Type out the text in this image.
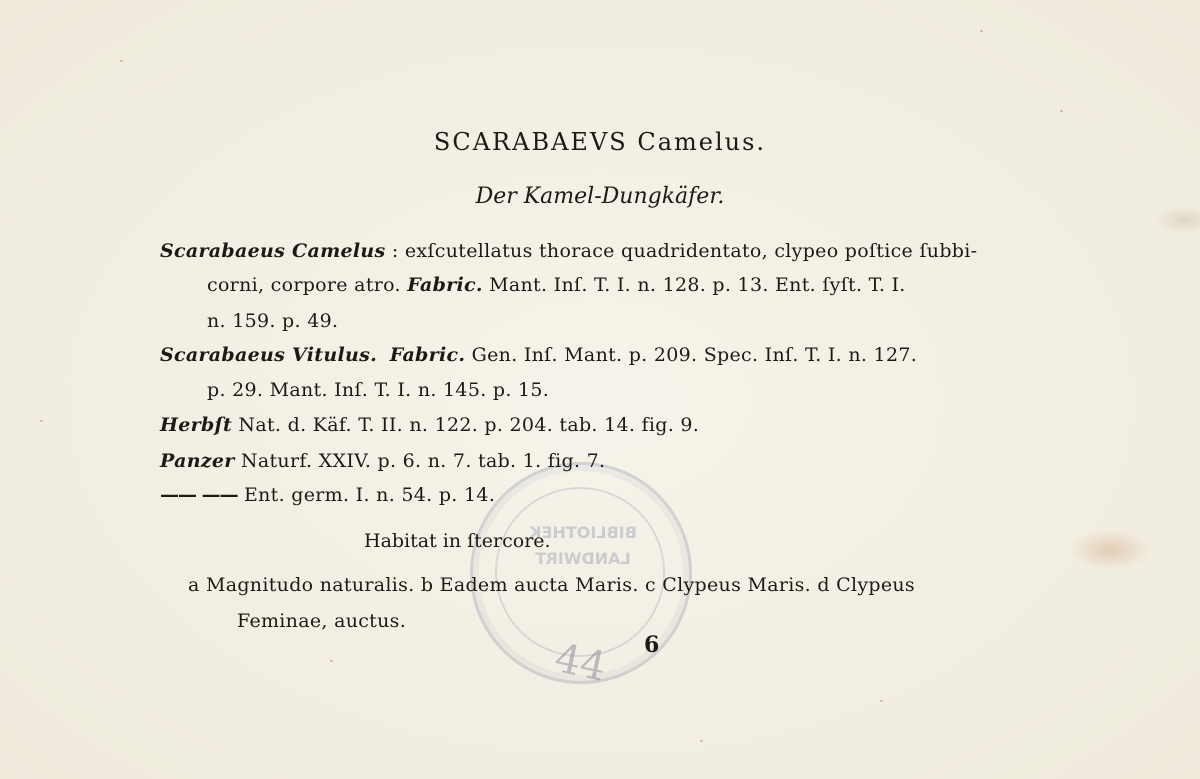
BIBLIOTHEK
LANDWIRT
44
SCARABAEVS Camelus.
Der Kamel-Dungkäfer.
Scarabaeus Camelus : exſcutellatus thorace quadridentato, clypeo poſtice ſubbi-
corni, corpore atro. Fabric. Mant. Inſ. T. I. n. 128. p. 13. Ent. ſyſt. T. I.
n. 159. p. 49.
Scarabaeus Vitulus. Fabric. Gen. Inſ. Mant. p. 209. Spec. Inſ. T. I. n. 127.
p. 29. Mant. Inſ. T. I. n. 145. p. 15.
Herbſt Nat. d. Käf. T. II. n. 122. p. 204. tab. 14. fig. 9.
Panzer Naturf. XXIV. p. 6. n. 7. tab. 1. fig. 7.
—— —— Ent. germ. I. n. 54. p. 14.
Habitat in ſtercore.
a Magnitudo naturalis. b Eadem aucta Maris. c Clypeus Maris. d Clypeus
Feminae, auctus.
6
